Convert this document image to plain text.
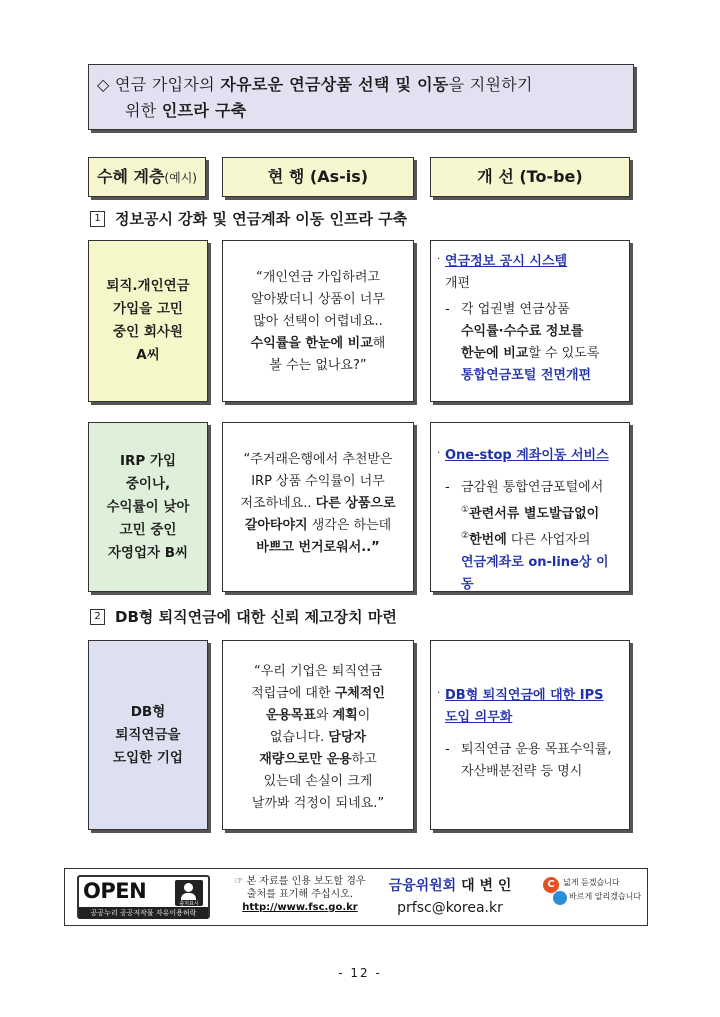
◇ 연금 가입자의 자유로운 연금상품 선택 및 이동을 지원하기
위한 인프라 구축
수혜 계층(예시)	현 행 (As-is)	개 선 (To-be)
1 정보공시 강화 및 연금계좌 이동 인프라 구축
퇴직.개인연금
가입을 고민
중인 회사원
A씨
“개인연금 가입하려고
알아봤더니 상품이 너무
많아 선택이 어렵네요..
수익률을 한눈에 비교해
볼 수는 없나요?”
· 연금정보 공시 시스템
개편
- 각 업권별 연금상품
수익률·수수료 정보를
한눈에 비교할 수 있도록
통합연금포털 전면개편
IRP 가입
중이나,
수익률이 낮아
고민 중인
자영업자 B씨
“주거래은행에서 추천받은
IRP 상품 수익률이 너무
저조하네요.. 다른 상품으로
갈아타야지 생각은 하는데
바쁘고 번거로워서..”
· One-stop 계좌이동 서비스
- 금감원 통합연금포털에서
①관련서류 별도발급없이
②한번에 다른 사업자의
연금계좌로 on-line상 이동
2 DB형 퇴직연금에 대한 신뢰 제고장치 마련
DB형
퇴직연금을
도입한 기업
“우리 기업은 퇴직연금
적립금에 대한 구체적인
운용목표와 계획이
없습니다. 담당자
재량으로만 운용하고
있는데 손실이 크게
날까봐 걱정이 되네요.”
· DB형 퇴직연금에 대한 IPS
도입 의무화
- 퇴직연금 운용 목표수익률,
자산배분전략 등 명시
OPEN
출처표시
공공누리 공공저작물 자유이용허락
☞ 본 자료를 인용 보도할 경우
출처를 표기해 주십시오.
http://www.fsc.go.kr
금융위원회 대 변 인
prfsc@korea.kr
C 넓게 듣겠습니다
바르게 알리겠습니다
- 12 -
